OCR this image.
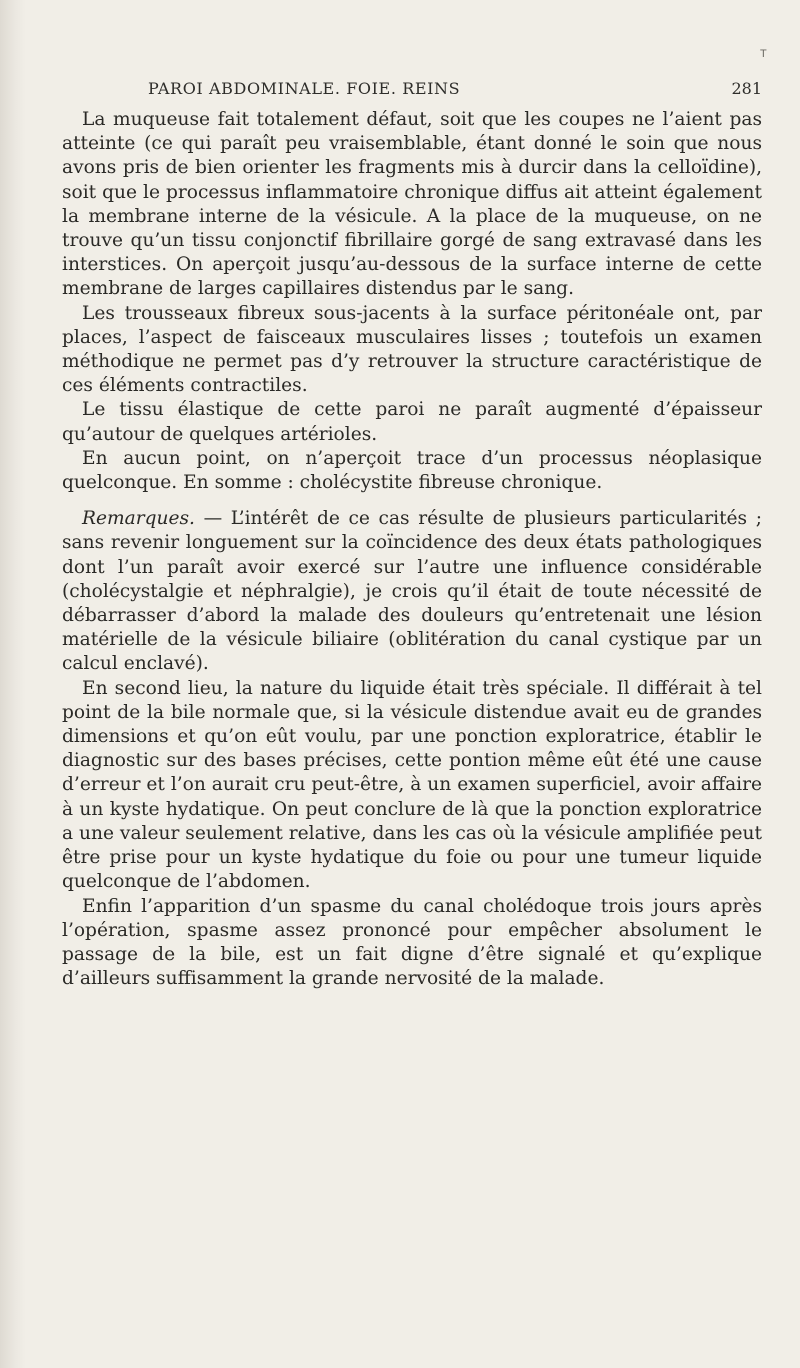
T
PAROI ABDOMINALE. FOIE. REINS	281

La muqueuse fait totalement défaut, soit que les coupes ne l’aient pas atteinte (ce qui paraît peu vraisemblable, étant donné le soin que nous avons pris de bien orienter les fragments mis à durcir dans la celloïdine), soit que le processus inflammatoire chronique diffus ait atteint également la membrane interne de la vésicule. A la place de la muqueuse, on ne trouve qu’un tissu conjonctif fibrillaire gorgé de sang extravasé dans les interstices. On aperçoit jusqu’au-dessous de la surface interne de cette membrane de larges capillaires distendus par le sang.

Les trousseaux fibreux sous-jacents à la surface péritonéale ont, par places, l’aspect de faisceaux musculaires lisses ; toutefois un examen méthodique ne permet pas d’y retrouver la structure caractéristique de ces éléments contractiles.

Le tissu élastique de cette paroi ne paraît augmenté d’épaisseur qu’autour de quelques artérioles.

En aucun point, on n’aperçoit trace d’un processus néoplasique quelconque. En somme : cholécystite fibreuse chronique.

Remarques. — L’intérêt de ce cas résulte de plusieurs particularités ; sans revenir longuement sur la coïncidence des deux états pathologiques dont l’un paraît avoir exercé sur l’autre une influence considérable (cholécystalgie et néphralgie), je crois qu’il était de toute nécessité de débarrasser d’abord la malade des douleurs qu’entretenait une lésion matérielle de la vésicule biliaire (oblitération du canal cystique par un calcul enclavé).

En second lieu, la nature du liquide était très spéciale. Il différait à tel point de la bile normale que, si la vésicule distendue avait eu de grandes dimensions et qu’on eût voulu, par une ponction exploratrice, établir le diagnostic sur des bases précises, cette pontion même eût été une cause d’erreur et l’on aurait cru peut-être, à un examen superficiel, avoir affaire à un kyste hydatique. On peut conclure de là que la ponction exploratrice a une valeur seulement relative, dans les cas où la vésicule amplifiée peut être prise pour un kyste hydatique du foie ou pour une tumeur liquide quelconque de l’abdomen.

Enfin l’apparition d’un spasme du canal cholédoque trois jours après l’opération, spasme assez prononcé pour empêcher absolument le passage de la bile, est un fait digne d’être signalé et qu’explique d’ailleurs suffisamment la grande nervosité de la malade.
